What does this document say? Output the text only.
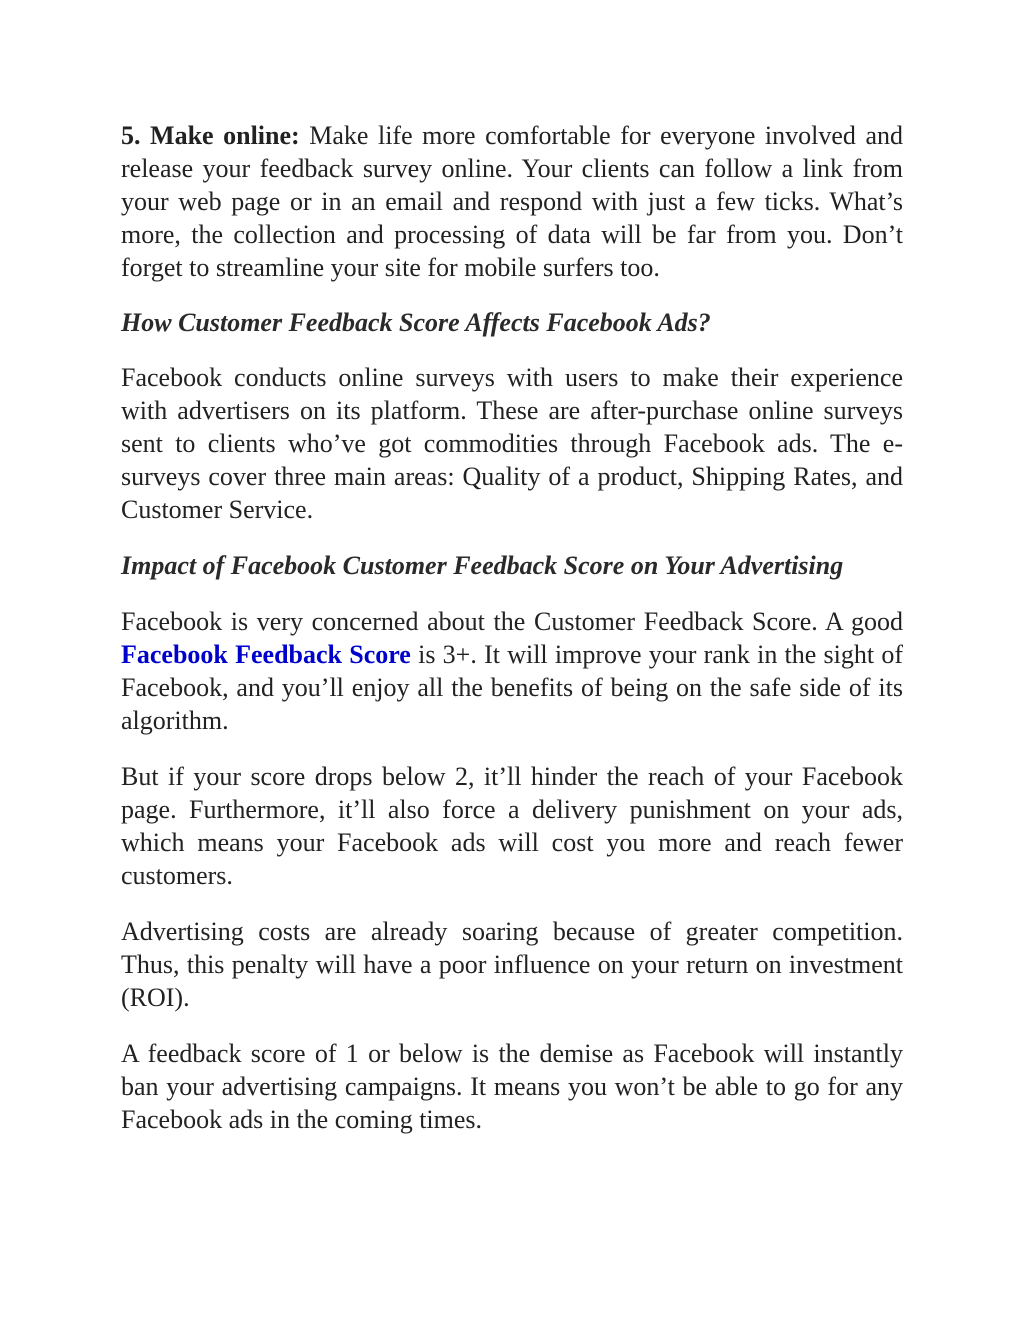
5. Make online: Make life more comfortable for everyone involved and release your feedback survey online. Your clients can follow a link from your web page or in an email and respond with just a few ticks. What’s more, the collection and processing of data will be far from you. Don’t forget to streamline your site for mobile surfers too.

How Customer Feedback Score Affects Facebook Ads?

Facebook conducts online surveys with users to make their experience with advertisers on its platform. These are after-purchase online surveys sent to clients who’ve got commodities through Facebook ads. The e-surveys cover three main areas: Quality of a product, Shipping Rates, and Customer Service.

Impact of Facebook Customer Feedback Score on Your Advertising

Facebook is very concerned about the Customer Feedback Score. A good Facebook Feedback Score is 3+. It will improve your rank in the sight of Facebook, and you’ll enjoy all the benefits of being on the safe side of its algorithm.

But if your score drops below 2, it’ll hinder the reach of your Facebook page. Furthermore, it’ll also force a delivery punishment on your ads, which means your Facebook ads will cost you more and reach fewer customers.

Advertising costs are already soaring because of greater competition. Thus, this penalty will have a poor influence on your return on investment (ROI).

A feedback score of 1 or below is the demise as Facebook will instantly ban your advertising campaigns. It means you won’t be able to go for any Facebook ads in the coming times.
